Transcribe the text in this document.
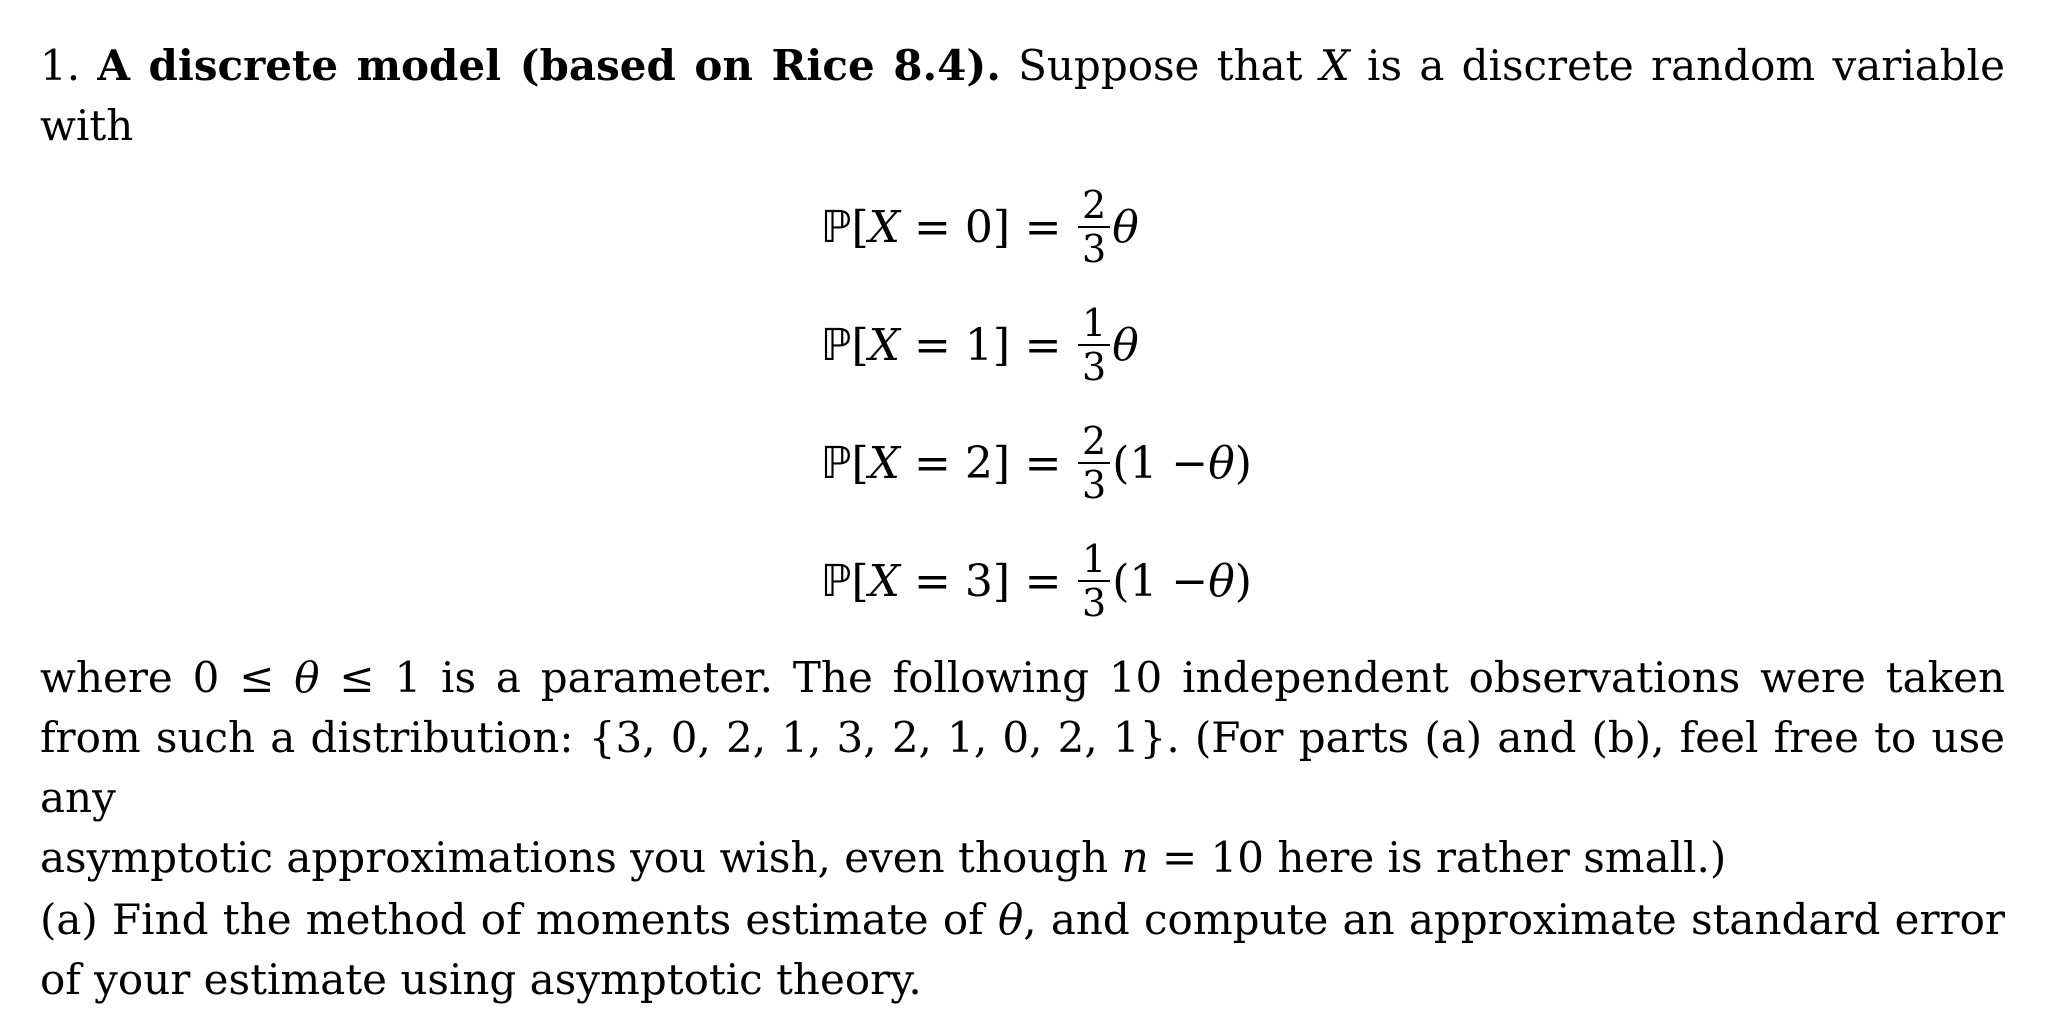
1. A discrete model (based on Rice 8.4). Suppose that X is a discrete random variable
with
ℙ[X = $0] = \frac{2}{3}$ θ
ℙ[X = $1] = \frac{1}{3}$ θ
ℙ[X = $2] = \frac{2}{3} (1 - \theta$ )
ℙ[X = $3] = \frac{1}{3} (1 - \theta$ )
where 0 ≤ θ ≤ 1 is a parameter. The following 10 independent observations were taken
from such a distribution: {3, 0, 2, 1, 3, 2, 1, 0, 2, 1}. (For parts (a) and (b), feel free to use any
asymptotic approximations you wish, even though n = 10 here is rather small.)
(a) Find the method of moments estimate of θ, and compute an approximate standard error
of your estimate using asymptotic theory.
